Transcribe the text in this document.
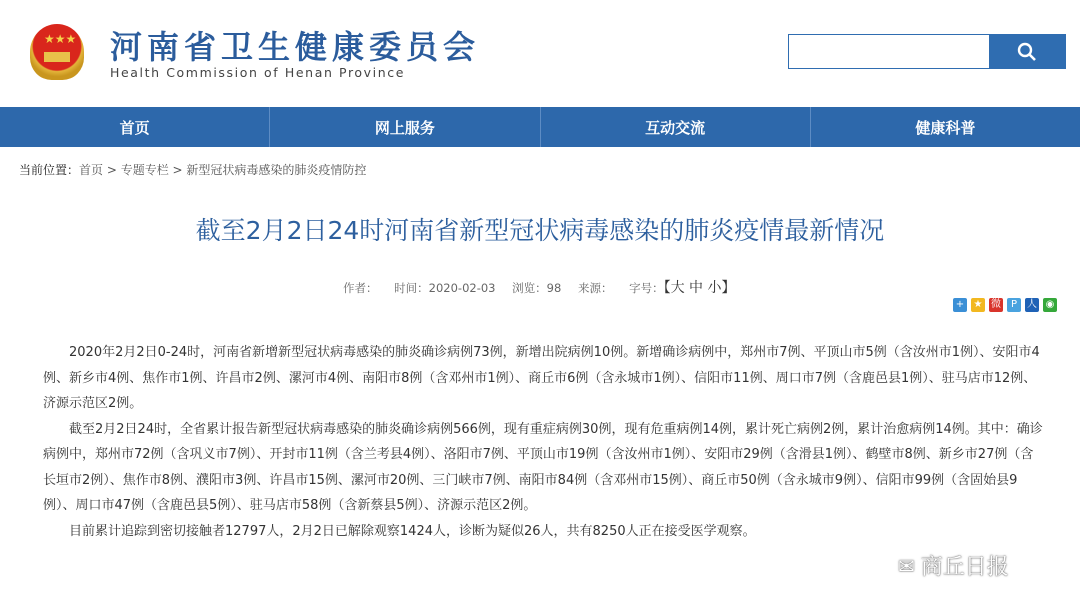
★★★ 河南省卫生健康委员会
Health Commission of Henan Province
首页	网上服务	互动交流	健康科普
当前位置：首页 > 专题专栏 > 新型冠状病毒感染的肺炎疫情防控
截至2月2日24时河南省新型冠状病毒感染的肺炎疫情最新情况
作者： 时间：2020-02-03 浏览：98 来源： 字号：【大 中 小】
+ ★ 微 P 人 ◉

2020年2月2日0-24时，河南省新增新型冠状病毒感染的肺炎确诊病例73例，新增出院病例10例。新增确诊病例中，郑州市7例、平顶山市5例（含汝州市1例）、安阳市4例、新乡市4例、焦作市1例、许昌市2例、漯河市4例、南阳市8例（含邓州市1例）、商丘市6例（含永城市1例）、信阳市11例、周口市7例（含鹿邑县1例）、驻马店市12例、济源示范区2例。

截至2月2日24时，全省累计报告新型冠状病毒感染的肺炎确诊病例566例，现有重症病例30例，现有危重病例14例，累计死亡病例2例，累计治愈病例14例。其中：确诊病例中，郑州市72例（含巩义市7例）、开封市11例（含兰考县4例）、洛阳市7例、平顶山市19例（含汝州市1例）、安阳市29例（含滑县1例）、鹤壁市8例、新乡市27例（含长垣市2例）、焦作市8例、濮阳市3例、许昌市15例、漯河市20例、三门峡市7例、南阳市84例（含邓州市15例）、商丘市50例（含永城市9例）、信阳市99例（含固始县9例）、周口市47例（含鹿邑县5例）、驻马店市58例（含新蔡县5例）、济源示范区2例。

目前累计追踪到密切接触者12797人，2月2日已解除观察1424人，诊断为疑似26人，共有8250人正在接受医学观察。

✉ 商丘日报
